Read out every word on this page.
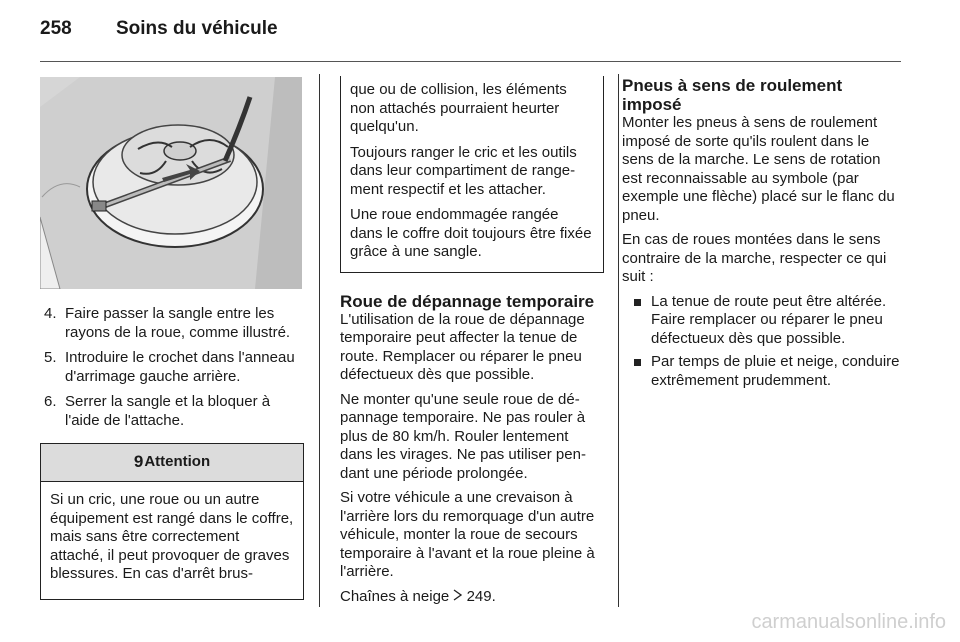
258 Soins du véhicule
4. Faire passer la sangle entre les rayons de la roue, comme illustré.
5. Introduire le crochet dans l'anneau d'arrimage gauche arrière.
6. Serrer la sangle et la bloquer à l'aide de l'attache.
9 Attention

Si un cric, une roue ou un autre équipement est rangé dans le coffre, mais sans être correctement attaché, il peut provoquer de graves blessures. En cas d'arrêt brus-

que ou de collision, les éléments non attachés pourraient heurter quelqu'un.

Toujours ranger le cric et les outils dans leur compartiment de rangement respectif et les attacher.

Une roue endommagée rangée dans le coffre doit toujours être fixée grâce à une sangle.

Roue de dépannage temporaire

L'utilisation de la roue de dépannage temporaire peut affecter la tenue de route. Remplacer ou réparer le pneu défectueux dès que possible.

Ne monter qu'une seule roue de dépannage temporaire. Ne pas rouler à plus de 80 km/h. Rouler lentement dans les virages. Ne pas utiliser pendant une période prolongée.

Si votre véhicule a une crevaison à l'arrière lors du remorquage d'un autre véhicule, monter la roue de secours temporaire à l'avant et la roue pleine à l'arrière.

Chaînes à neige 249.

Pneus à sens de roulement imposé

Monter les pneus à sens de roulement imposé de sorte qu'ils roulent dans le sens de la marche. Le sens de rotation est reconnaissable au symbole (par exemple une flèche) placé sur le flanc du pneu.

En cas de roues montées dans le sens contraire de la marche, respecter ce qui suit :

La tenue de route peut être altérée. Faire remplacer ou réparer le pneu défectueux dès que possible.
Par temps de pluie et neige, conduire extrêmement prudemment.
carmanualsonline.info
